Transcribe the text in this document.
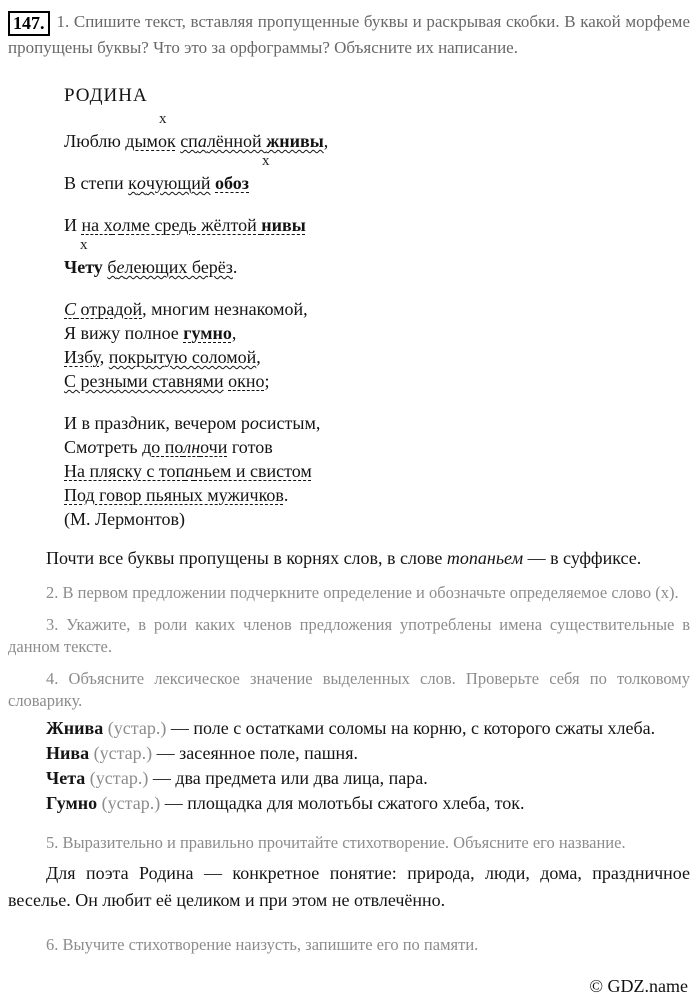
147. 1. Спишите текст, вставляя пропущенные буквы и раскрывая скобки. В какой морфеме пропущены буквы? Что это за орфограммы? Объясните их написание.

РОДИНА
х
Люблю дымок спалённой жнивы,
х
В степи кочующий обоз
И на холме средь жёлтой нивы
х
Чету белеющих берёз.
С отрадой, многим незнакомой,
Я вижу полное гумно,
Избу, покрытую соломой,
С резными ставнями окно;
И в праздник, вечером росистым,
Смотреть до полночи готов
На пляску с топаньем и свистом
Под говор пьяных мужичков.
(М. Лермонтов)

Почти все буквы пропущены в корнях слов, в слове топаньем — в суффиксе.

2. В первом предложении подчеркните определение и обозначьте определяемое слово (х).

3. Укажите, в роли каких членов предложения употреблены имена существительные в данном тексте.

4. Объясните лексическое значение выделенных слов. Проверьте себя по толковому словарику.

Жнива (устар.) — поле с остатками соломы на корню, с которого сжаты хлеба.

Нива (устар.) — засеянное поле, пашня.

Чета (устар.) — два предмета или два лица, пара.

Гумно (устар.) — площадка для молотьбы сжатого хлеба, ток.

5. Выразительно и правильно прочитайте стихотворение. Объясните его название.

Для поэта Родина — конкретное понятие: природа, люди, дома, праздничное веселье. Он любит её целиком и при этом не отвлечённо.

6. Выучите стихотворение наизусть, запишите его по памяти.

© GDZ.name
